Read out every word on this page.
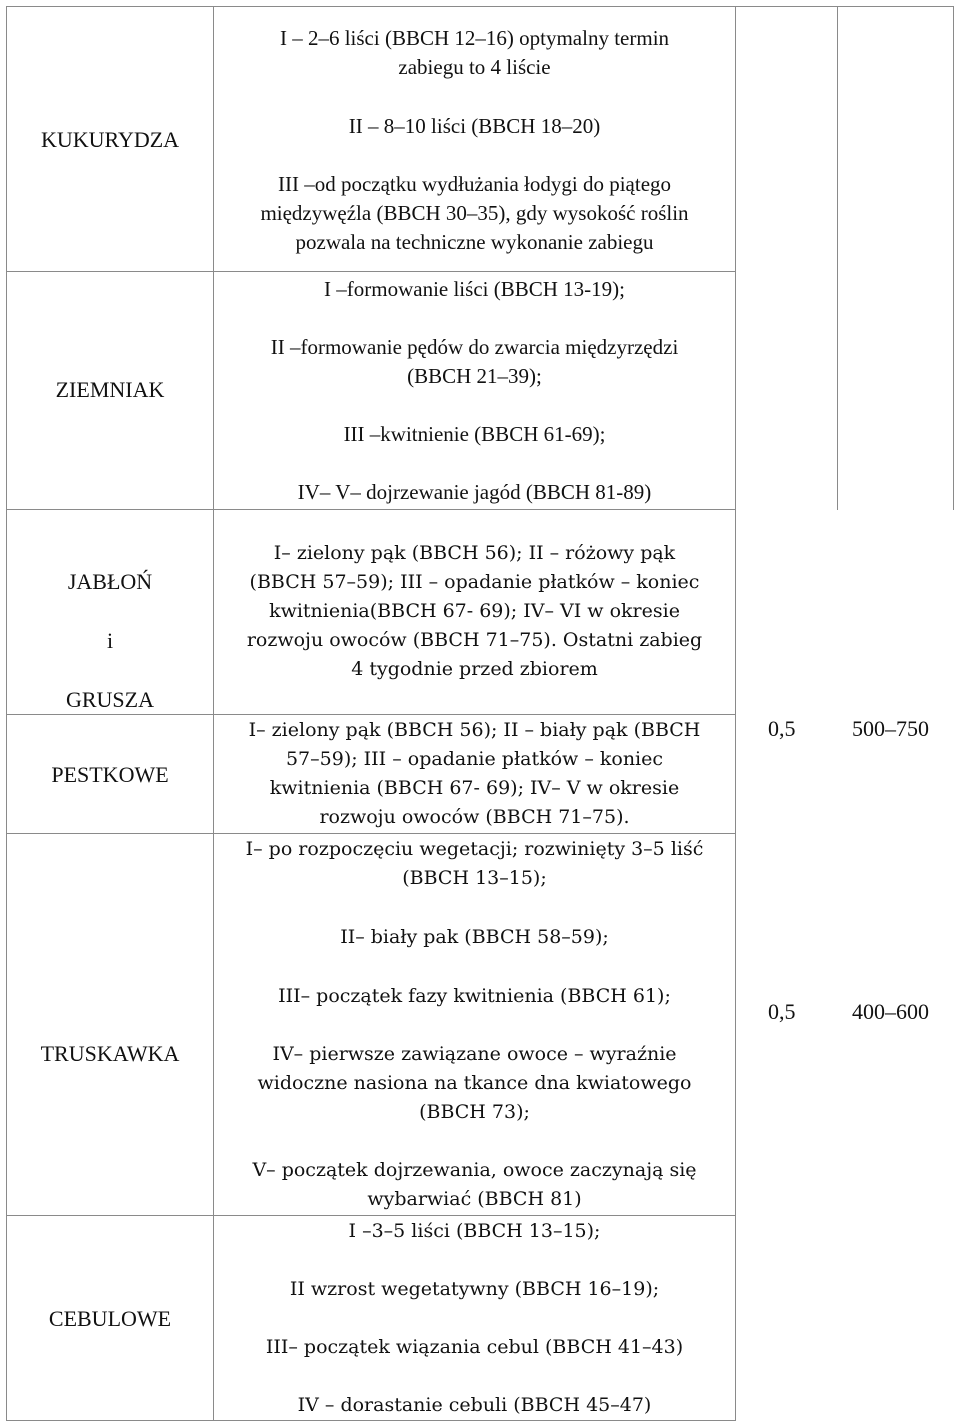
KUKURYDZA
ZIEMNIAK
JABŁOŃ
i
GRUSZA
PESTKOWE
TRUSKAWKA
CEBULOWE
I – 2–6 liści (BBCH 12–16) optymalny termin
zabiegu to 4 liście
II – 8–10 liści (BBCH 18–20)
III –od początku wydłużania łodygi do piątego
międzywęźla (BBCH 30–35), gdy wysokość roślin
pozwala na techniczne wykonanie zabiegu
I –formowanie liści (BBCH 13-19);
II –formowanie pędów do zwarcia międzyrzędzi
(BBCH 21–39);
III –kwitnienie (BBCH 61-69);
IV– V– dojrzewanie jagód (BBCH 81-89)
I– zielony pąk (BBCH 56); II – różowy pąk
(BBCH 57–59); III – opadanie płatków – koniec
kwitnienia(BBCH 67- 69); IV– VI w okresie
rozwoju owoców (BBCH 71–75). Ostatni zabieg
4 tygodnie przed zbiorem
I– zielony pąk (BBCH 56); II – biały pąk (BBCH
57–59); III – opadanie płatków – koniec
kwitnienia (BBCH 67- 69); IV– V w okresie
rozwoju owoców (BBCH 71–75).
I– po rozpoczęciu wegetacji; rozwinięty 3–5 liść
(BBCH 13–15);
II– biały pak (BBCH 58–59);
III– początek fazy kwitnienia (BBCH 61);
IV– pierwsze zawiązane owoce – wyraźnie
widoczne nasiona na tkance dna kwiatowego
(BBCH 73);
V– początek dojrzewania, owoce zaczynają się
wybarwiać (BBCH 81)
I –3–5 liści (BBCH 13–15);
II wzrost wegetatywny (BBCH 16–19);
III– początek wiązania cebul (BBCH 41–43)
IV – dorastanie cebuli (BBCH 45–47)
0,5	500–750
0,5	400–600
